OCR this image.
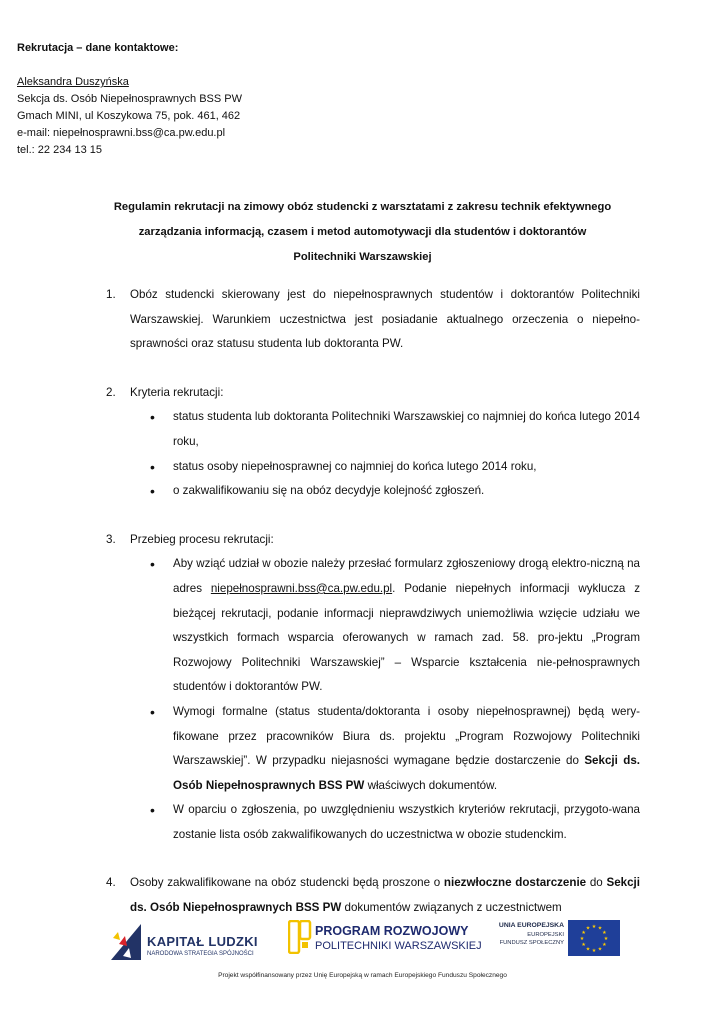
Rekrutacja – dane kontaktowe:
Aleksandra Duszyńska
Sekcja ds. Osób Niepełnosprawnych BSS PW
Gmach MINI, ul Koszykowa 75, pok. 461, 462
e-mail: niepełnosprawni.bss@ca.pw.edu.pl
tel.: 22 234 13 15
Regulamin rekrutacji na zimowy obóz studencki z warsztatami z zakresu technik efektywnego
zarządzania informacją, czasem i metod automotywacji dla studentów i doktorantów
Politechniki Warszawskiej
1. Obóz studencki skierowany jest do niepełnosprawnych studentów i doktorantów Politechniki Warszawskiej. Warunkiem uczestnictwa jest posiadanie aktualnego orzeczenia o niepełno-sprawności oraz statusu studenta lub doktoranta PW.

2. Kryteria rekrutacji:

• status studenta lub doktoranta Politechniki Warszawskiej co najmniej do końca lutego 2014 roku,
• status osoby niepełnosprawnej co najmniej do końca lutego 2014 roku,
• o zakwalifikowaniu się na obóz decydyje kolejność zgłoszeń.
3. Przebieg procesu rekrutacji:

• Aby wziąć udział w obozie należy przesłać formularz zgłoszeniowy drogą elektro-niczną na adres niepełnosprawni.bss@ca.pw.edu.pl. Podanie niepełnych informacji wyklucza z bieżącej rekrutacji, podanie informacji nieprawdziwych uniemożliwia wzięcie udziału we wszystkich formach wsparcia oferowanych w ramach zad. 58. pro-jektu „Program Rozwojowy Politechniki Warszawskiej” – Wsparcie kształcenia nie-pełnosprawnych studentów i doktorantów PW.
• Wymogi formalne (status studenta/doktoranta i osoby niepełnosprawnej) będą wery-fikowane przez pracowników Biura ds. projektu „Program Rozwojowy Politechniki Warszawskiej”. W przypadku niejasności wymagane będzie dostarczenie do Sekcji ds. Osób Niepełnosprawnych BSS PW właściwych dokumentów.
• W oparciu o zgłoszenia, po uwzględnieniu wszystkich kryteriów rekrutacji, przygoto-wana zostanie lista osób zakwalifikowanych do uczestnictwa w obozie studenckim.
4. Osoby zakwalifikowane na obóz studencki będą proszone o niezwłoczne dostarczenie do Sekcji ds. Osób Niepełnosprawnych BSS PW dokumentów związanych z uczestnictwem

KAPITAŁ LUDZKI
NARODOWA STRATEGIA SPÓJNOŚCI
PROGRAM ROZWOJOWY
POLITECHNIKI WARSZAWSKIEJ
UNIA EUROPEJSKA
EUROPEJSKI
FUNDUSZ SPOŁECZNY
★ ★
★
★
★
★
★
★
★
★
★
★
Projekt współfinansowany przez Unię Europejską w ramach Europejskiego Funduszu Społecznego
